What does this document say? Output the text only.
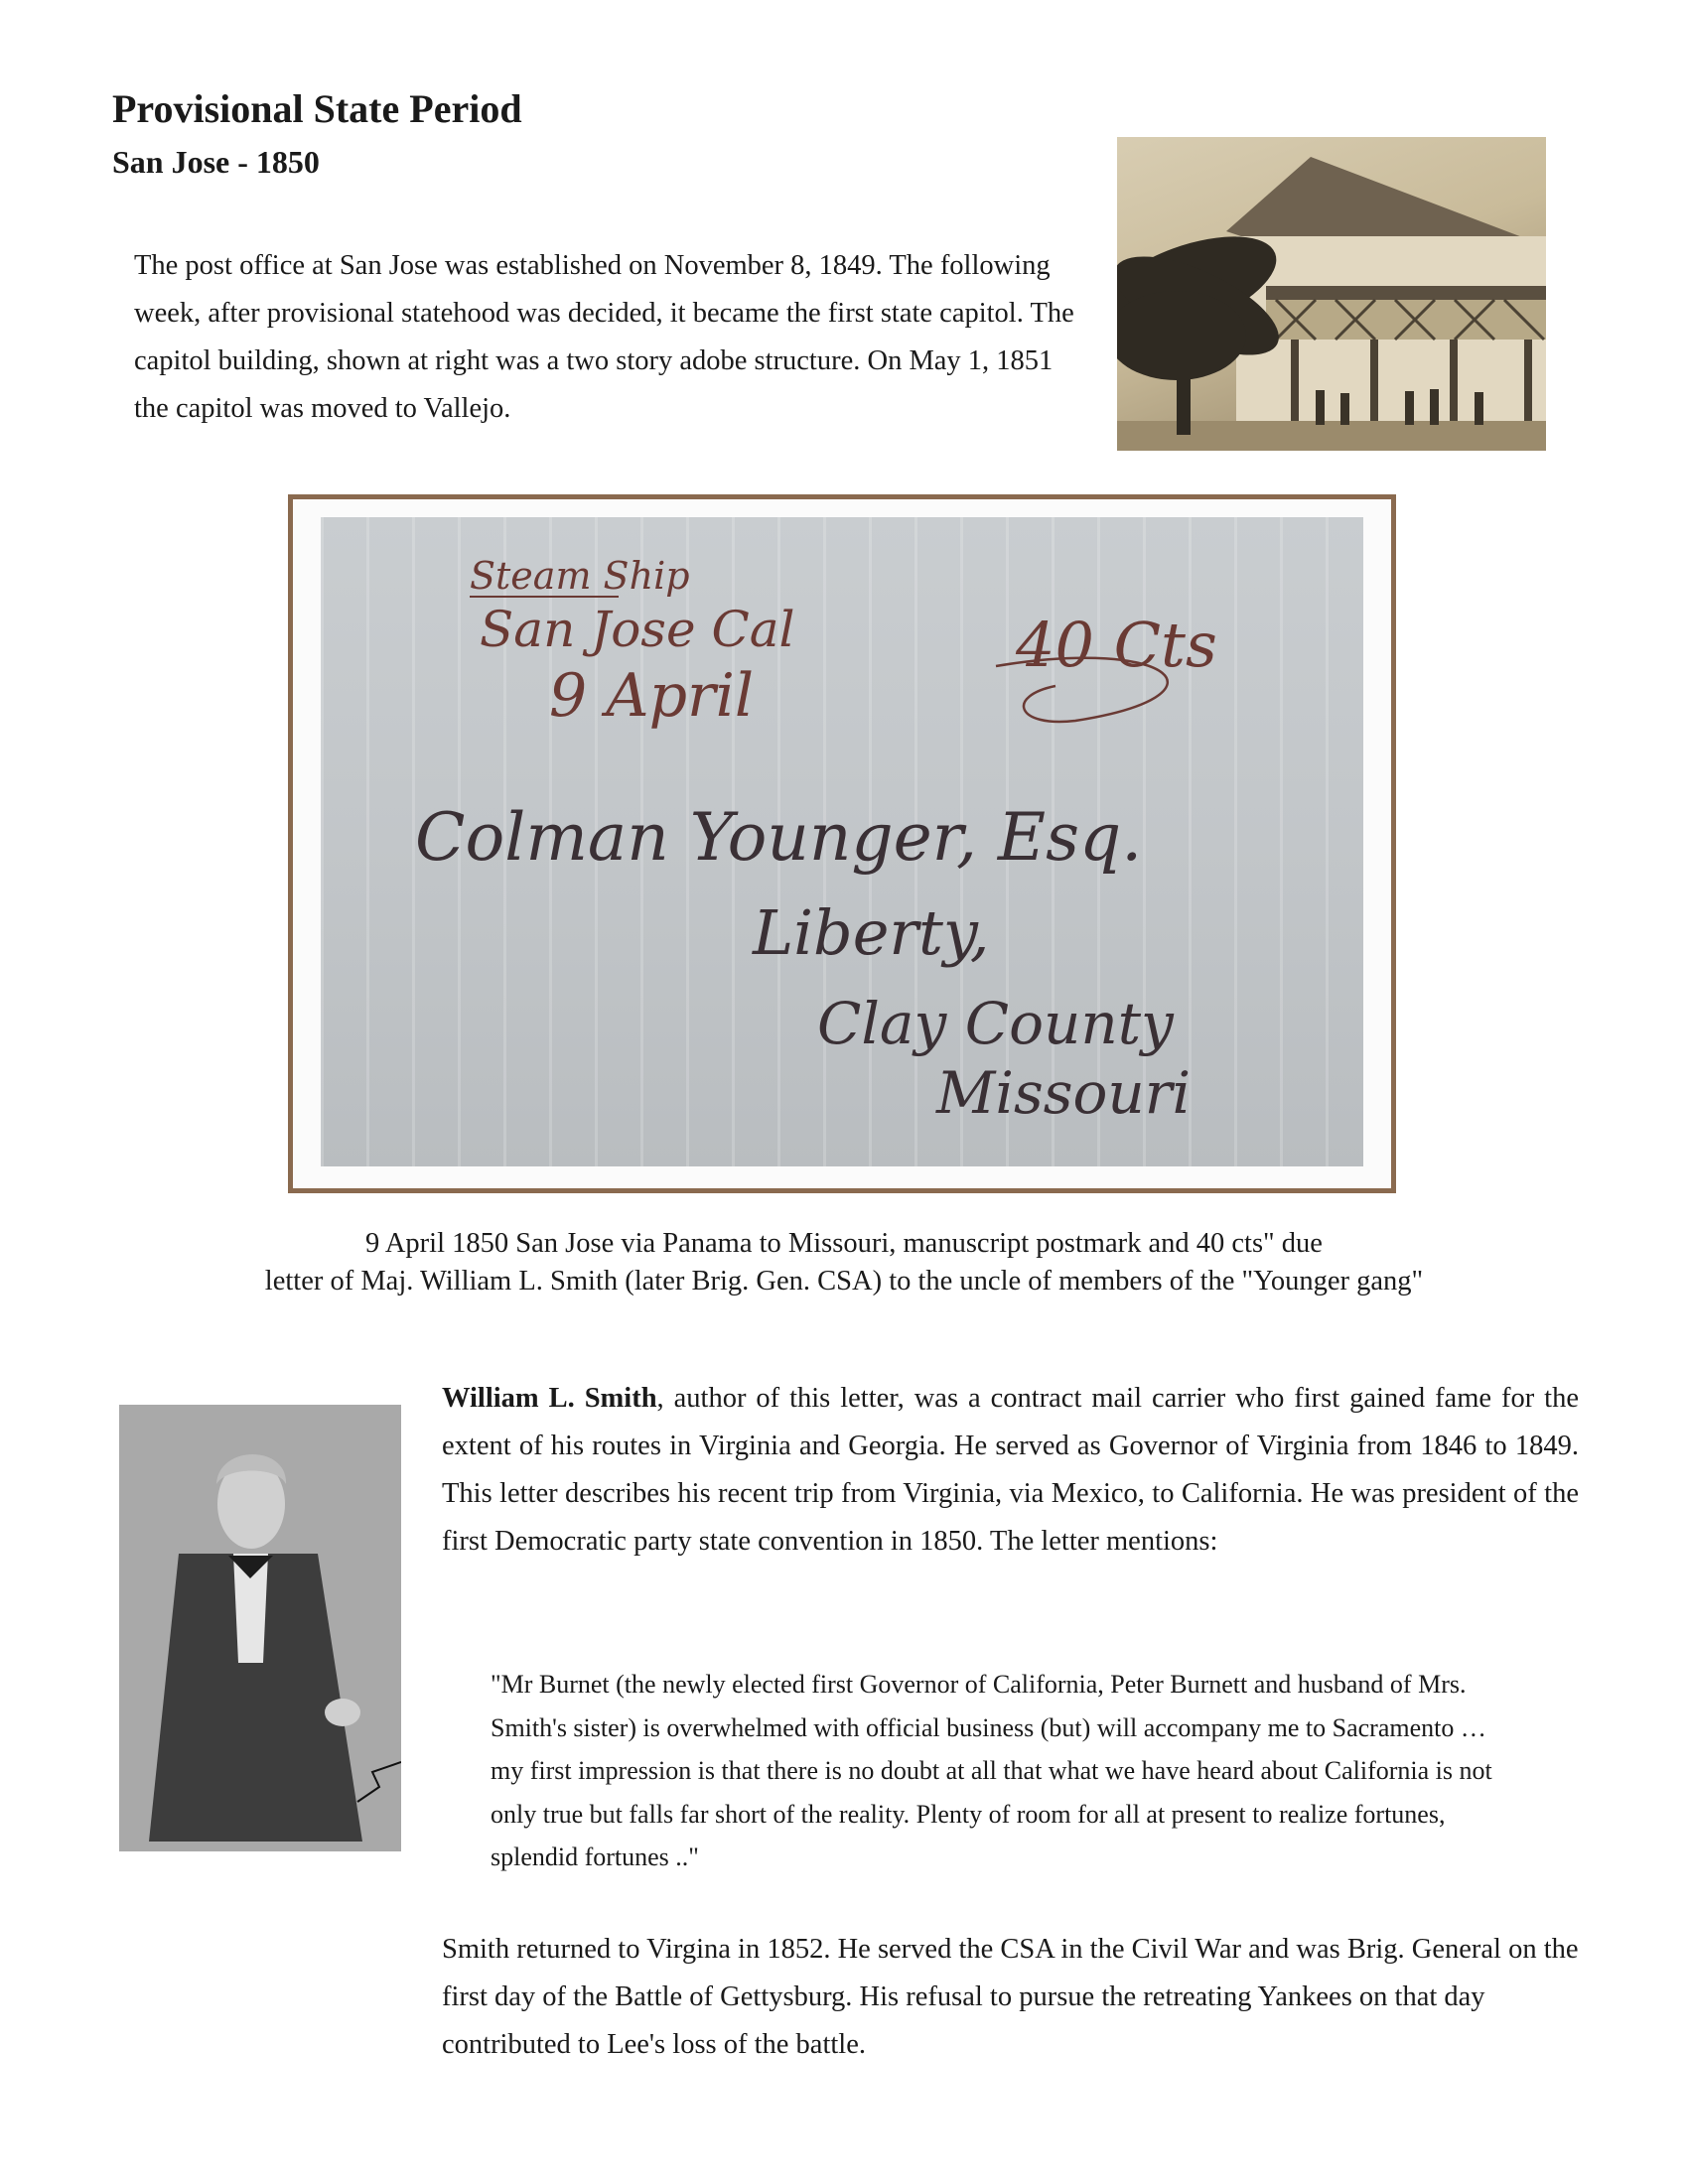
Provisional State Period
San Jose - 1850

The post office at San Jose was established on November 8, 1849. The following week, after provisional statehood was decided, it became the first state capitol. The capitol building, shown at right was a two story adobe structure. On May 1, 1851 the capitol was moved to Vallejo.

Steam Ship
San Jose Cal
9 April
40 Cts
Colman Younger, Esq.
Liberty,
Clay County
Missouri
9 April 1850 San Jose via Panama to Missouri, manuscript postmark and 40 cts" due
letter of Maj. William L. Smith (later Brig. Gen. CSA) to the uncle of members of the "Younger gang"

William L. Smith, author of this letter, was a contract mail carrier who first gained fame for the extent of his routes in Virginia and Georgia. He served as Governor of Virginia from 1846 to 1849. This letter describes his recent trip from Virginia, via Mexico, to California. He was president of the first Democratic party state convention in 1850. The letter mentions:

"Mr Burnet (the newly elected first Governor of California, Peter Burnett and husband of Mrs. Smith's sister) is overwhelmed with official business (but) will accompany me to Sacramento … my first impression is that there is no doubt at all that what we have heard about California is not only true but falls far short of the reality. Plenty of room for all at present to realize fortunes, splendid fortunes .."

Smith returned to Virgina in 1852. He served the CSA in the Civil War and was Brig. General on the first day of the Battle of Gettysburg. His refusal to pursue the retreating Yankees on that day contributed to Lee's loss of the battle.
